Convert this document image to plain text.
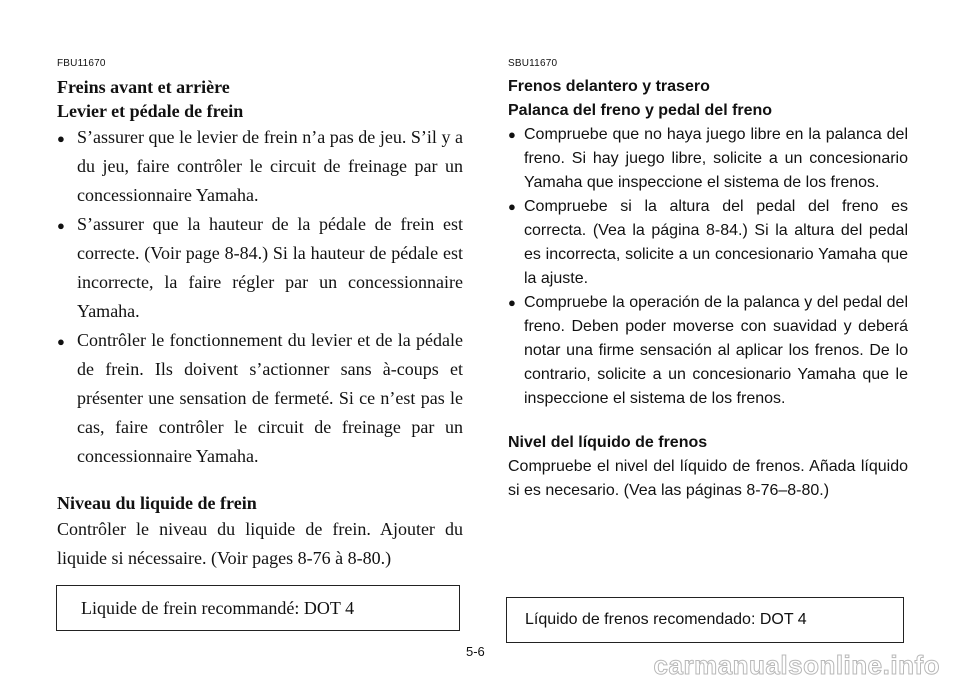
FBU11670
Freins avant et arrière
Levier et pédale de frein
● S’assurer que le levier de frein n’a pas de jeu. S’il y a du jeu, faire contrôler le circuit de freinage par un concessionnaire Yamaha.
● S’assurer que la hauteur de la pédale de frein est correcte. (Voir page 8-84.) Si la hauteur de pédale est incorrecte, la faire régler par un concessionnaire Yamaha.
● Contrôler le fonctionnement du levier et de la pédale de frein. Ils doivent s’actionner sans à-coups et présenter une sensation de fermeté. Si ce n’est pas le cas, faire contrôler le circuit de freinage par un concessionnaire Yamaha.
Niveau du liquide de frein

Contrôler le niveau du liquide de frein. Ajouter du liquide si nécessaire. (Voir pages 8-76 à 8-80.)

SBU11670
Frenos delantero y trasero
Palanca del freno y pedal del freno
● Compruebe que no haya juego libre en la palanca del freno. Si hay juego libre, solicite a un concesionario Yamaha que inspeccione el sistema de los frenos.
● Compruebe si la altura del pedal del freno es correcta. (Vea la página 8-84.) Si la altura del pedal es incorrecta, solicite a un concesionario Yamaha que la ajuste.
● Compruebe la operación de la palanca y del pedal del freno. Deben poder moverse con suavidad y deberá notar una firme sensación al aplicar los frenos. De lo contrario, solicite a un concesionario Yamaha que le inspeccione el sistema de los frenos.
Nivel del líquido de frenos

Compruebe el nivel del líquido de frenos. Añada líquido si es necesario. (Vea las páginas 8-76–8-80.)

Liquide de frein recommandé: DOT 4
Líquido de frenos recomendado: DOT 4
5-6	carmanualsonline.info
